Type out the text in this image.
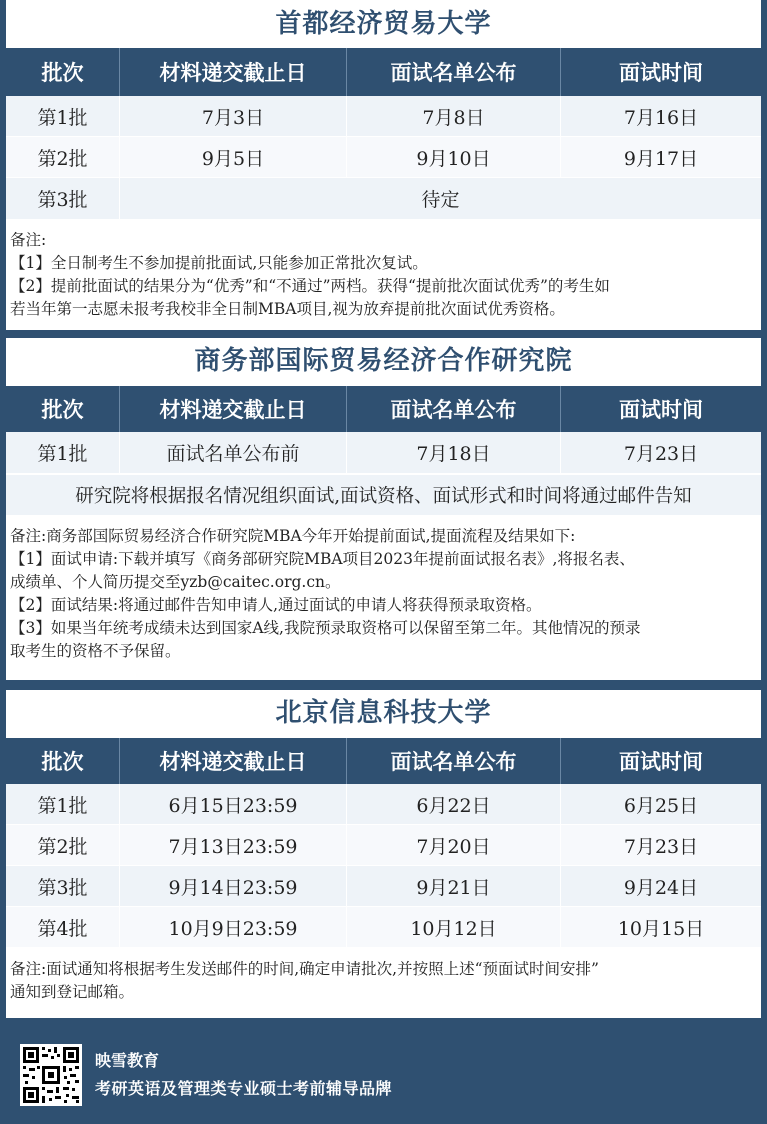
首都经济贸易大学
批次	材料递交截止日	面试名单公布	面试时间
第1批	7月3日	7月8日	7月16日
第2批	9月5日	9月10日	9月17日
第3批	待定
备注:
【1】全日制考生不参加提前批面试,只能参加正常批次复试。
【2】提前批面试的结果分为“优秀”和“不通过”两档。获得“提前批次面试优秀”的考生如
若当年第一志愿未报考我校非全日制MBA项目,视为放弃提前批次面试优秀资格。
商务部国际贸易经济合作研究院
批次	材料递交截止日	面试名单公布	面试时间
第1批	面试名单公布前	7月18日	7月23日
研究院将根据报名情况组织面试,面试资格、面试形式和时间将通过邮件告知
备注:商务部国际贸易经济合作研究院MBA今年开始提前面试,提面流程及结果如下:
【1】面试申请:下载并填写《商务部研究院MBA项目2023年提前面试报名表》,将报名表、
成绩单、个人简历提交至yzb@caitec.org.cn。
【2】面试结果:将通过邮件告知申请人,通过面试的申请人将获得预录取资格。
【3】如果当年统考成绩未达到国家A线,我院预录取资格可以保留至第二年。其他情况的预录
取考生的资格不予保留。
北京信息科技大学
批次	材料递交截止日	面试名单公布	面试时间
第1批	6月15日23:59	6月22日	6月25日
第2批	7月13日23:59	7月20日	7月23日
第3批	9月14日23:59	9月21日	9月24日
第4批	10月9日23:59	10月12日	10月15日
备注:面试通知将根据考生发送邮件的时间,确定申请批次,并按照上述“预面试时间安排”
通知到登记邮箱。
映雪教育
考研英语及管理类专业硕士考前辅导品牌
